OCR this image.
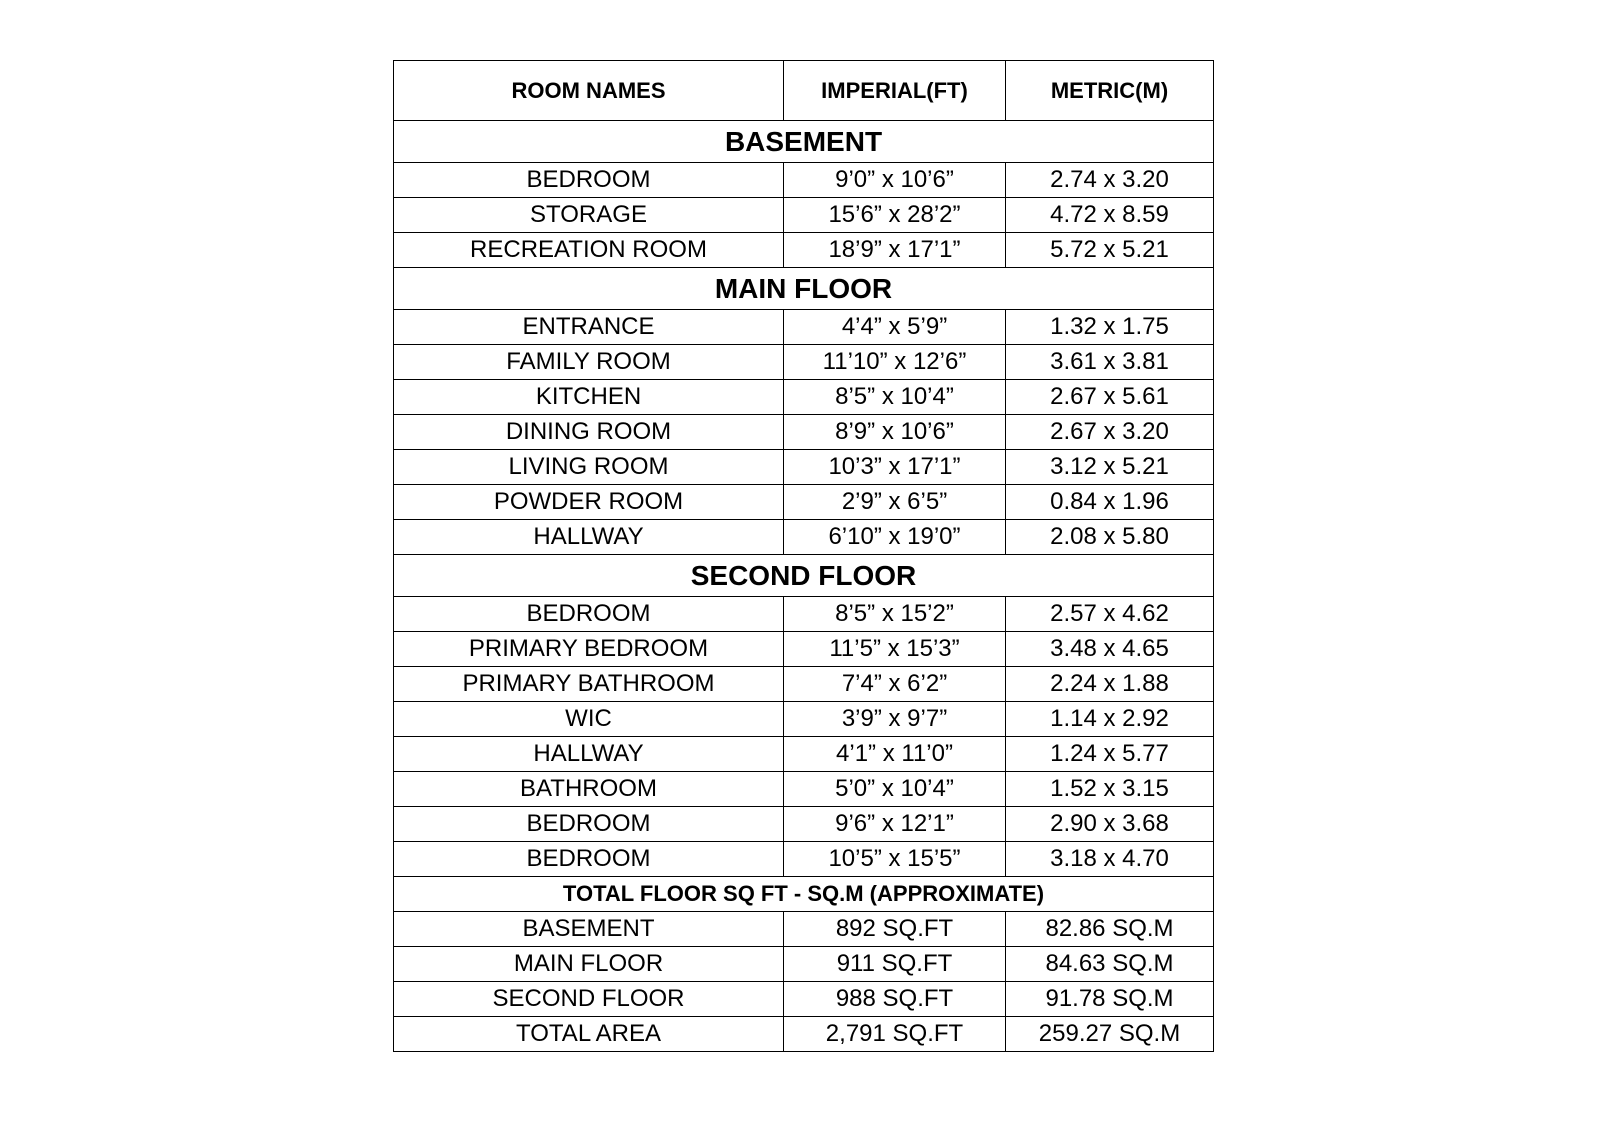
ROOM NAMES	IMPERIAL(FT)	METRIC(M)
BASEMENT		
BEDROOM	9’0” x 10’6”	2.74 x 3.20
STORAGE	15’6” x 28’2”	4.72 x 8.59
RECREATION ROOM	18’9” x 17’1”	5.72 x 5.21
MAIN FLOOR		
ENTRANCE	4’4” x 5’9”	1.32 x 1.75
FAMILY ROOM	11’10” x 12’6”	3.61 x 3.81
KITCHEN	8’5” x 10’4”	2.67 x 5.61
DINING ROOM	8’9” x 10’6”	2.67 x 3.20
LIVING ROOM	10’3” x 17’1”	3.12 x 5.21
POWDER ROOM	2’9” x 6’5”	0.84 x 1.96
HALLWAY	6’10” x 19’0”	2.08 x 5.80
SECOND FLOOR		
BEDROOM	8’5” x 15’2”	2.57 x 4.62
PRIMARY BEDROOM	11’5” x 15’3”	3.48 x 4.65
PRIMARY BATHROOM	7’4” x 6’2”	2.24 x 1.88
WIC	3’9” x 9’7”	1.14 x 2.92
HALLWAY	4’1” x 11’0”	1.24 x 5.77
BATHROOM	5’0” x 10’4”	1.52 x 3.15
BEDROOM	9’6” x 12’1”	2.90 x 3.68
BEDROOM	10’5” x 15’5”	3.18 x 4.70
TOTAL FLOOR SQ FT - SQ.M (APPROXIMATE)		
BASEMENT	892 SQ.FT	82.86 SQ.M
MAIN FLOOR	911 SQ.FT	84.63 SQ.M
SECOND FLOOR	988 SQ.FT	91.78 SQ.M
TOTAL AREA	2,791 SQ.FT	259.27 SQ.M
